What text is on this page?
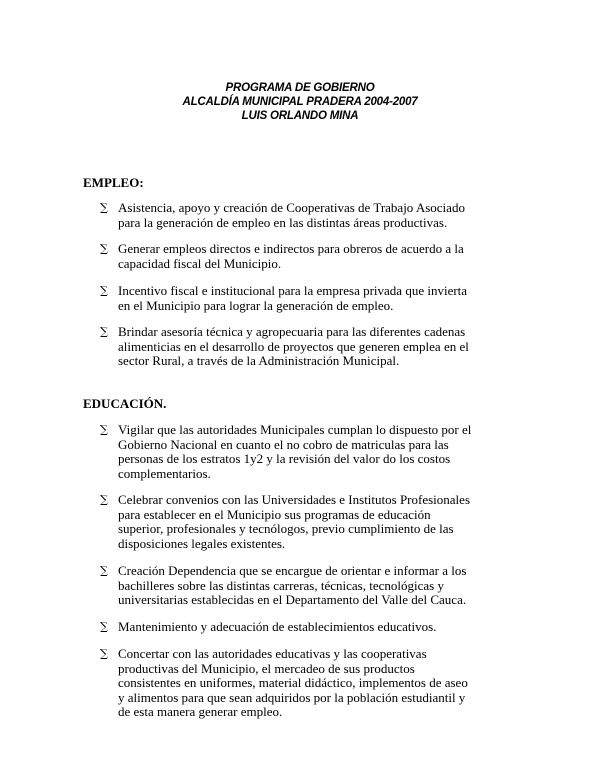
PROGRAMA DE GOBIERNO
ALCALDÍA MUNICIPAL PRADERA 2004-2007
LUIS ORLANDO MINA
EMPLEO:
∑ Asistencia, apoyo y creación de Cooperativas de Trabajo Asociado
para la generación de empleo en las distintas áreas productivas.
∑ Generar empleos directos e indirectos para obreros de acuerdo a la
capacidad fiscal del Municipio.
∑ Incentivo fiscal e institucional para la empresa privada que invierta
en el Municipio para lograr la generación de empleo.
∑ Brindar asesoría técnica y agropecuaria para las diferentes cadenas
alimenticias en el desarrollo de proyectos que generen emplea en el
sector Rural, a través de la Administración Municipal.
EDUCACIÓN.
∑ Vigilar que las autoridades Municipales cumplan lo dispuesto por el
Gobierno Nacional en cuanto el no cobro de matriculas para las
personas de los estratos 1y2 y la revisión del valor do los costos
complementarios.
∑ Celebrar convenios con las Universidades e Institutos Profesionales
para establecer en el Municipio sus programas de educación
superior, profesionales y tecnólogos, previo cumplimiento de las
disposiciones legales existentes.
∑ Creación Dependencia que se encargue de orientar e informar a los
bachilleres sobre las distintas carreras, técnicas, tecnológicas y
universitarias establecidas en el Departamento del Valle del Cauca.
∑ Mantenimiento y adecuación de establecimientos educativos.
∑ Concertar con las autoridades educativas y las cooperativas
productivas del Municipio, el mercadeo de sus productos
consistentes en uniformes, material didáctico, implementos de aseo
y alimentos para que sean adquiridos por la población estudiantil y
de esta manera generar empleo.
